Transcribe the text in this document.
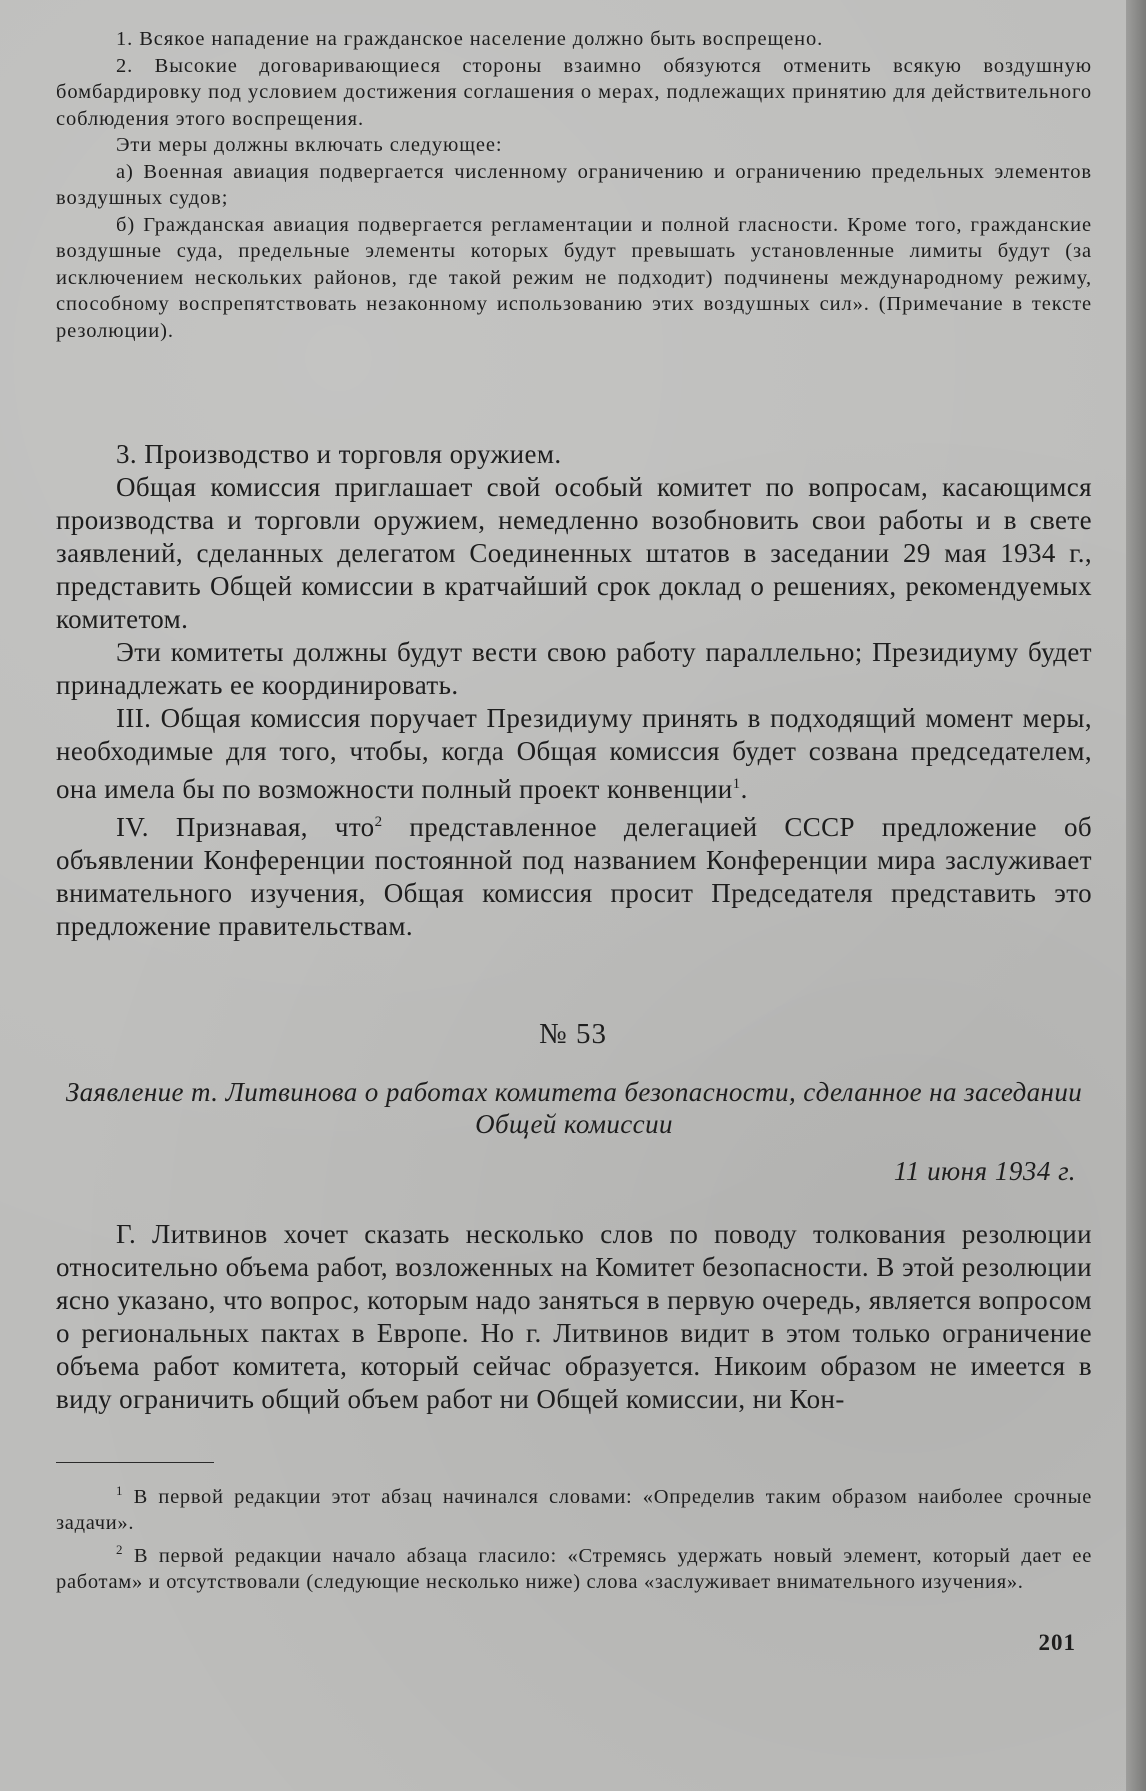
1. Всякое нападение на гражданское население должно быть воспрещено.

2. Высокие договаривающиеся стороны взаимно обязуются отменить всякую воздушную бомбардировку под условием достижения соглашения о мерах, подлежащих принятию для действительного соблюдения этого воспрещения.

Эти меры должны включать следующее:

а) Военная авиация подвергается численному ограничению и ограничению предельных элементов воздушных судов;

б) Гражданская авиация подвергается регламентации и полной гласности. Кроме того, гражданские воздушные суда, предельные элементы которых будут превышать установленные лимиты будут (за исключением нескольких районов, где такой режим не подходит) подчинены международному режиму, способному воспрепятствовать незаконному использованию этих воздушных сил». (Примечание в тексте резолюции).

3. Производство и торговля оружием.

Общая комиссия приглашает свой особый комитет по вопросам, касающимся производства и торговли оружием, немедленно возобновить свои работы и в свете заявлений, сделанных делегатом Соединенных штатов в заседании 29 мая 1934 г., представить Общей комиссии в кратчайший срок доклад о решениях, рекомендуемых комитетом.

Эти комитеты должны будут вести свою работу параллельно; Президиуму будет принадлежать ее координировать.

III. Общая комиссия поручает Президиуму принять в подходящий момент меры, необходимые для того, чтобы, когда Общая комиссия будет созвана председателем, она имела бы по возможности полный проект конвенции$^1$.

IV. Признавая, что$^2$ представленное делегацией СССР предложение об объявлении Конференции постоянной под названием Конференции мира заслуживает внимательного изучения, Общая комиссия просит Председателя представить это предложение правительствам.

№ 53
Заявление т. Литвинова о работах комитета безопасности, сделанное на заседании Общей комиссии
11 июня 1934 г.

Г. Литвинов хочет сказать несколько слов по поводу толкования резолюции относительно объема работ, возложенных на Комитет безопасности. В этой резолюции ясно указано, что вопрос, которым надо заняться в первую очередь, является вопросом о региональных пактах в Европе. Но г. Литвинов видит в этом только ограничение объема работ комитета, который сейчас образуется. Никоим образом не имеется в виду ограничить общий объем работ ни Общей комиссии, ни Кон-

$^1$ В первой редакции этот абзац начинался словами: «Определив таким образом наиболее срочные задачи».

$^2$ В первой редакции начало абзаца гласило: «Стремясь удержать новый элемент, который дает ее работам» и отсутствовали (следующие несколько ниже) слова «заслуживает внимательного изучения».

201
